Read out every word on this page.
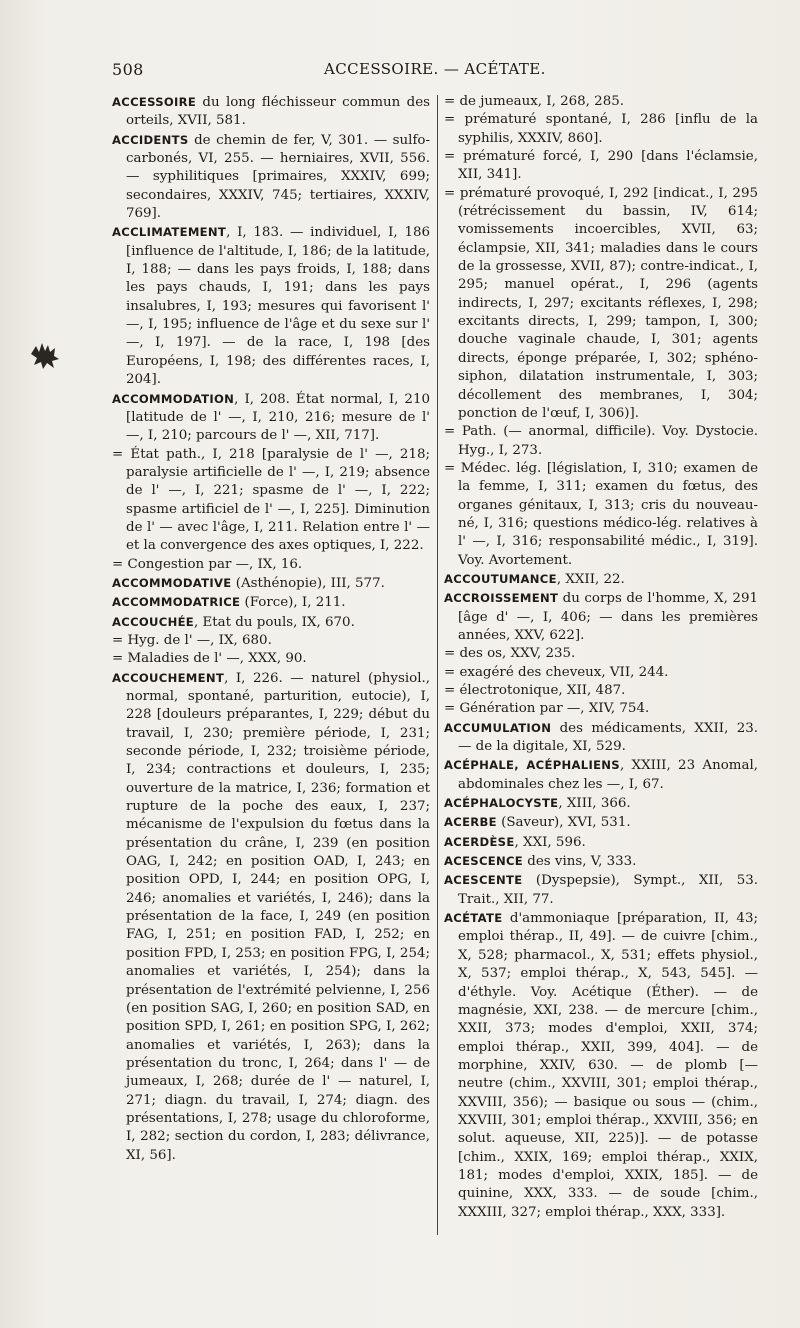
508	ACCESSOIRE. — ACÉTATE.

ACCESSOIRE du long fléchisseur commun des orteils, XVII, 581.

ACCIDENTS de chemin de fer, V, 301. — sulfo-carbonés, VI, 255. — herniaires, XVII, 556. — syphilitiques [primaires, XXXIV, 699; secondaires, XXXIV, 745; tertiaires, XXXIV, 769].

ACCLIMATEMENT, I, 183. — individuel, I, 186 [influence de l'altitude, I, 186; de la latitude, I, 188; — dans les pays froids, I, 188; dans les pays chauds, I, 191; dans les pays insalubres, I, 193; mesures qui favorisent l' —, I, 195; influence de l'âge et du sexe sur l' —, I, 197]. — de la race, I, 198 [des Européens, I, 198; des différentes races, I, 204].

ACCOMMODATION, I, 208. État normal, I, 210 [latitude de l' —, I, 210, 216; mesure de l' —, I, 210; parcours de l' —, XII, 717].

= État path., I, 218 [paralysie de l' —, 218; paralysie artificielle de l' —, I, 219; absence de l' —, I, 221; spasme de l' —, I, 222; spasme artificiel de l' —, I, 225]. Diminution de l' — avec l'âge, I, 211. Relation entre l' — et la convergence des axes optiques, I, 222.

= Congestion par —, IX, 16.

ACCOMMODATIVE (Asthénopie), III, 577.

ACCOMMODATRICE (Force), I, 211.

ACCOUCHÉE, Etat du pouls, IX, 670.

= Hyg. de l' —, IX, 680.

= Maladies de l' —, XXX, 90.

ACCOUCHEMENT, I, 226. — naturel (physiol., normal, spontané, parturition, eutocie), I, 228 [douleurs préparantes, I, 229; début du travail, I, 230; première période, I, 231; seconde période, I, 232; troisième période, I, 234; contractions et douleurs, I, 235; ouverture de la matrice, I, 236; formation et rupture de la poche des eaux, I, 237; mécanisme de l'expulsion du fœtus dans la présentation du crâne, I, 239 (en position OAG, I, 242; en position OAD, I, 243; en position OPD, I, 244; en position OPG, I, 246; anomalies et variétés, I, 246); dans la présentation de la face, I, 249 (en position FAG, I, 251; en position FAD, I, 252; en position FPD, I, 253; en position FPG, I, 254; anomalies et variétés, I, 254); dans la présentation de l'extrémité pelvienne, I, 256 (en position SAG, I, 260; en position SAD, en position SPD, I, 261; en position SPG, I, 262; anomalies et variétés, I, 263); dans la présentation du tronc, I, 264; dans l' — de jumeaux, I, 268; durée de l' — naturel, I, 271; diagn. du travail, I, 274; diagn. des présentations, I, 278; usage du chloroforme, I, 282; section du cordon, I, 283; délivrance, XI, 56].

= de jumeaux, I, 268, 285.

= prématuré spontané, I, 286 [influ de la syphilis, XXXIV, 860].

= prématuré forcé, I, 290 [dans l'éclamsie, XII, 341].

= prématuré provoqué, I, 292 [indicat., I, 295 (rétrécissement du bassin, IV, 614; vomissements incoercibles, XVII, 63; éclampsie, XII, 341; maladies dans le cours de la grossesse, XVII, 87); contre-indicat., I, 295; manuel opérat., I, 296 (agents indirects, I, 297; excitants réflexes, I, 298; excitants directs, I, 299; tampon, I, 300; douche vaginale chaude, I, 301; agents directs, éponge préparée, I, 302; sphéno-siphon, dilatation instrumentale, I, 303; décollement des membranes, I, 304; ponction de l'œuf, I, 306)].

= Path. (— anormal, difficile). Voy. Dystocie. Hyg., I, 273.

= Médec. lég. [législation, I, 310; examen de la femme, I, 311; examen du fœtus, des organes génitaux, I, 313; cris du nouveau-né, I, 316; questions médico-lég. relatives à l' —, I, 316; responsabilité médic., I, 319]. Voy. Avortement.

ACCOUTUMANCE, XXII, 22.

ACCROISSEMENT du corps de l'homme, X, 291 [âge d' —, I, 406; — dans les premières années, XXV, 622].

= des os, XXV, 235.

= exagéré des cheveux, VII, 244.

= électrotonique, XII, 487.

= Génération par —, XIV, 754.

ACCUMULATION des médicaments, XXII, 23. — de la digitale, XI, 529.

ACÉPHALE, ACÉPHALIENS, XXIII, 23 Anomal, abdominales chez les —, I, 67.

ACÉPHALOCYSTE, XIII, 366.

ACERBE (Saveur), XVI, 531.

ACERDÈSE, XXI, 596.

ACESCENCE des vins, V, 333.

ACESCENTE (Dyspepsie), Sympt., XII, 53. Trait., XII, 77.

ACÉTATE d'ammoniaque [préparation, II, 43; emploi thérap., II, 49]. — de cuivre [chim., X, 528; pharmacol., X, 531; effets physiol., X, 537; emploi thérap., X, 543, 545]. — d'éthyle. Voy. Acétique (Éther). — de magnésie, XXI, 238. — de mercure [chim., XXII, 373; modes d'emploi, XXII, 374; emploi thérap., XXII, 399, 404]. — de morphine, XXIV, 630. — de plomb [— neutre (chim., XXVIII, 301; emploi thérap., XXVIII, 356); — basique ou sous — (chim., XXVIII, 301; emploi thérap., XXVIII, 356; en solut. aqueuse, XII, 225)]. — de potasse [chim., XXIX, 169; emploi thérap., XXIX, 181; modes d'emploi, XXIX, 185]. — de quinine, XXX, 333. — de soude [chim., XXXIII, 327; emploi thérap., XXX, 333].
